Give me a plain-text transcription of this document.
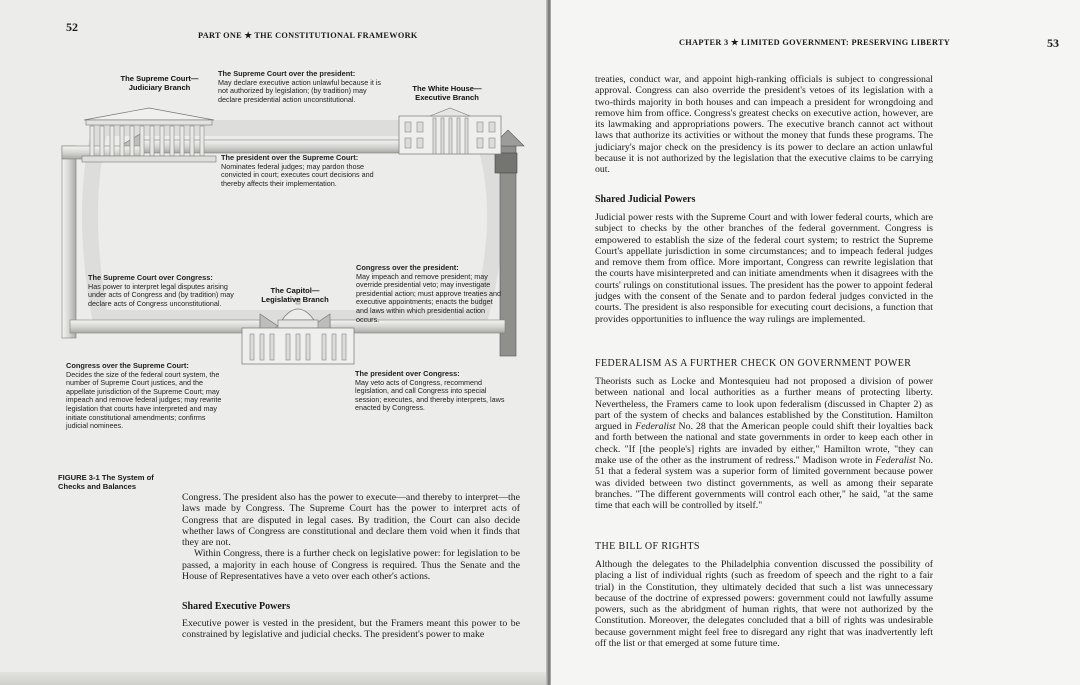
52
PART ONE ★ THE CONSTITUTIONAL FRAMEWORK
The Supreme Court—
Judiciary Branch	The White House—
Executive Branch
The Capitol—
Legislative Branch
The Supreme Court over the president:
May declare executive action unlawful because it is not authorized by legislation; (by tradition) may declare presidential action unconstitutional.
The president over the Supreme Court:
Nominates federal judges; may pardon those convicted in court; executes court decisions and thereby affects their implementation.
The Supreme Court over Congress:
Has power to interpret legal disputes arising under acts of Congress and (by tradition) may declare acts of Congress unconstitutional.
Congress over the president:
May impeach and remove president; may override presidential veto; may investigate presidential action; must approve treaties and executive appointments; enacts the budget and laws within which presidential action occurs.
Congress over the Supreme Court:
Decides the size of the federal court system, the number of Supreme Court justices, and the appellate jurisdiction of the Supreme Court; may impeach and remove federal judges; may rewrite legislation that courts have interpreted and may initiate constitutional amendments; confirms judicial nominees.
The president over Congress:
May veto acts of Congress, recommend legislation, and call Congress into special session; executes, and thereby interprets, laws enacted by Congress.
FIGURE 3-1 The System of
Checks and Balances

Congress. The president also has the power to execute—and thereby to interpret—the laws made by Congress. The Supreme Court has the power to interpret acts of Congress that are disputed in legal cases. By tradition, the Court can also decide whether laws of Congress are constitutional and declare them void when it finds that they are not.

Within Congress, there is a further check on legislative power: for legislation to be passed, a majority in each house of Congress is required. Thus the Senate and the House of Representatives have a veto over each other's actions.

Shared Executive Powers
Executive power is vested in the president, but the Framers meant this power to be constrained by legislative and judicial checks. The president's power to make
CHAPTER 3 ★ LIMITED GOVERNMENT: PRESERVING LIBERTY	53
treaties, conduct war, and appoint high-ranking officials is subject to congressional approval. Congress can also override the president's vetoes of its legislation with a two-thirds majority in both houses and can impeach a president for wrongdoing and remove him from office. Congress's greatest checks on executive action, however, are its lawmaking and appropriations powers. The executive branch cannot act without laws that authorize its activities or without the money that funds these programs. The judiciary's major check on the presidency is its power to declare an action unlawful because it is not authorized by the legislation that the executive claims to be carrying out.
Shared Judicial Powers
Judicial power rests with the Supreme Court and with lower federal courts, which are subject to checks by the other branches of the federal government. Congress is empowered to establish the size of the federal court system; to restrict the Supreme Court's appellate jurisdiction in some circumstances; and to impeach federal judges and remove them from office. More important, Congress can rewrite legislation that the courts have misinterpreted and can initiate amendments when it disagrees with the courts' rulings on constitutional issues. The president has the power to appoint federal judges with the consent of the Senate and to pardon federal judges convicted in the courts. The president is also responsible for executing court decisions, a function that provides opportunities to influence the way rulings are implemented.
FEDERALISM AS A FURTHER CHECK ON GOVERNMENT POWER
Theorists such as Locke and Montesquieu had not proposed a division of power between national and local authorities as a further means of protecting liberty. Nevertheless, the Framers came to look upon federalism (discussed in Chapter 2) as part of the system of checks and balances established by the Constitution. Hamilton argued in Federalist No. 28 that the American people could shift their loyalties back and forth between the national and state governments in order to keep each other in check. "If [the people's] rights are invaded by either," Hamilton wrote, "they can make use of the other as the instrument of redress." Madison wrote in Federalist No. 51 that a federal system was a superior form of limited government because power was divided between two distinct governments, as well as among their separate branches. "The different governments will control each other," he said, "at the same time that each will be controlled by itself."
THE BILL OF RIGHTS
Although the delegates to the Philadelphia convention discussed the possibility of placing a list of individual rights (such as freedom of speech and the right to a fair trial) in the Constitution, they ultimately decided that such a list was unnecessary because of the doctrine of expressed powers: government could not lawfully assume powers, such as the abridgment of human rights, that were not authorized by the Constitution. Moreover, the delegates concluded that a bill of rights was undesirable because government might feel free to disregard any right that was inadvertently left off the list or that emerged at some future time.
